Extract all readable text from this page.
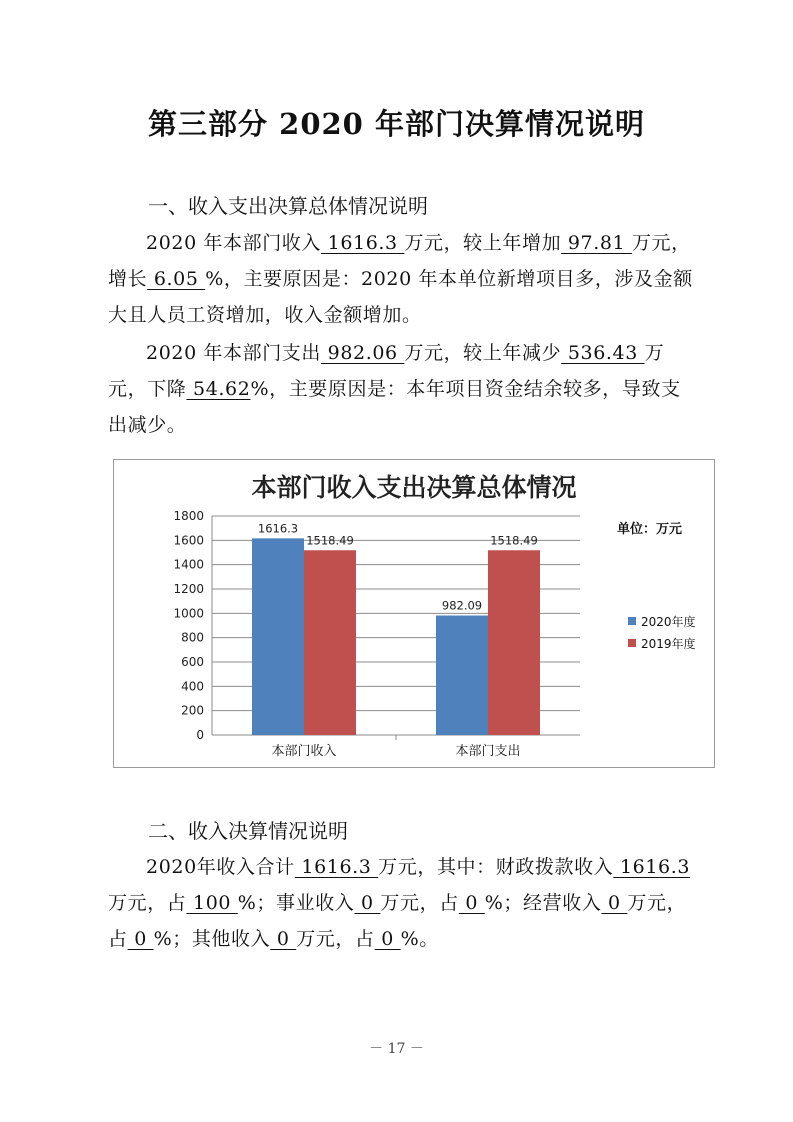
第三部分 2020 年部门决算情况说明
一、收入支出决算总体情况说明
2020 年本部门收入 1616.3 万元，较上年增加 97.81 万元，增长 6.05 %，主要原因是：2020 年本单位新增项目多，涉及金额大且人员工资增加，收入金额增加。
2020 年本部门支出 982.06 万元，较上年减少 536.43 万元，下降 54.62%，主要原因是：本年项目资金结余较多，导致支出减少。
本部门收入支出决算总体情况
单位：万元
0
200
400
600
800
1000
1200
1400
1600
1800
1616.3
1518.49
本部门收入
982.09
1518.49
本部门支出
2020年度
2019年度
二、收入决算情况说明
2020年收入合计 1616.3 万元，其中：财政拨款收入 1616.3 万元，占 100 %；事业收入 0 万元，占 0 %；经营收入 0 万元，占 0 %；其他收入 0 万元，占 0 %。
－ 17 －
